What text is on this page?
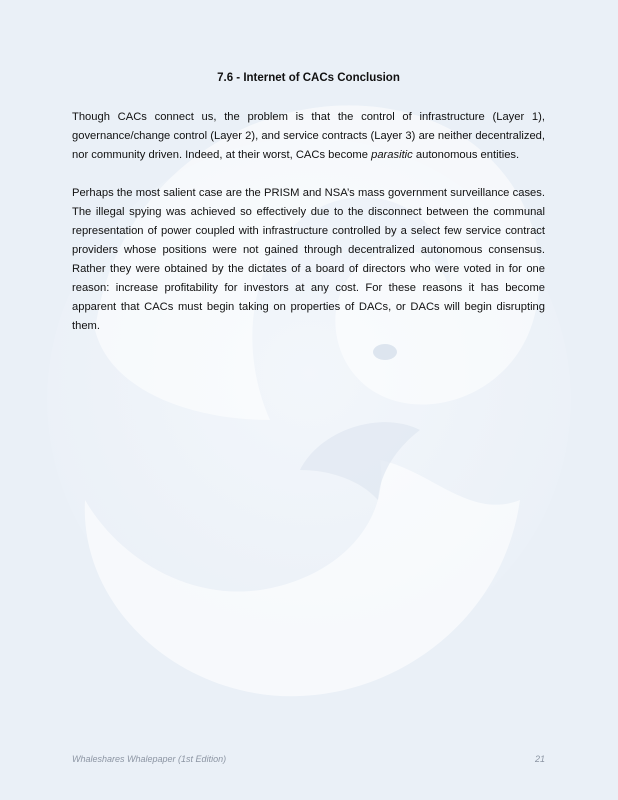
7.6 - Internet of CACs Conclusion

Though CACs connect us, the problem is that the control of infrastructure (Layer 1), governance/change control (Layer 2), and service contracts (Layer 3) are neither decentralized, nor community driven. Indeed, at their worst, CACs become parasitic autonomous entities.

Perhaps the most salient case are the PRISM and NSA’s mass government surveillance cases. The illegal spying was achieved so effectively due to the disconnect between the communal representation of power coupled with infrastructure controlled by a select few service contract providers whose positions were not gained through decentralized autonomous consensus. Rather they were obtained by the dictates of a board of directors who were voted in for one reason: increase profitability for investors at any cost. For these reasons it has become apparent that CACs must begin taking on properties of DACs, or DACs will begin disrupting them.

Whaleshares Whalepaper (1st Edition)	21
